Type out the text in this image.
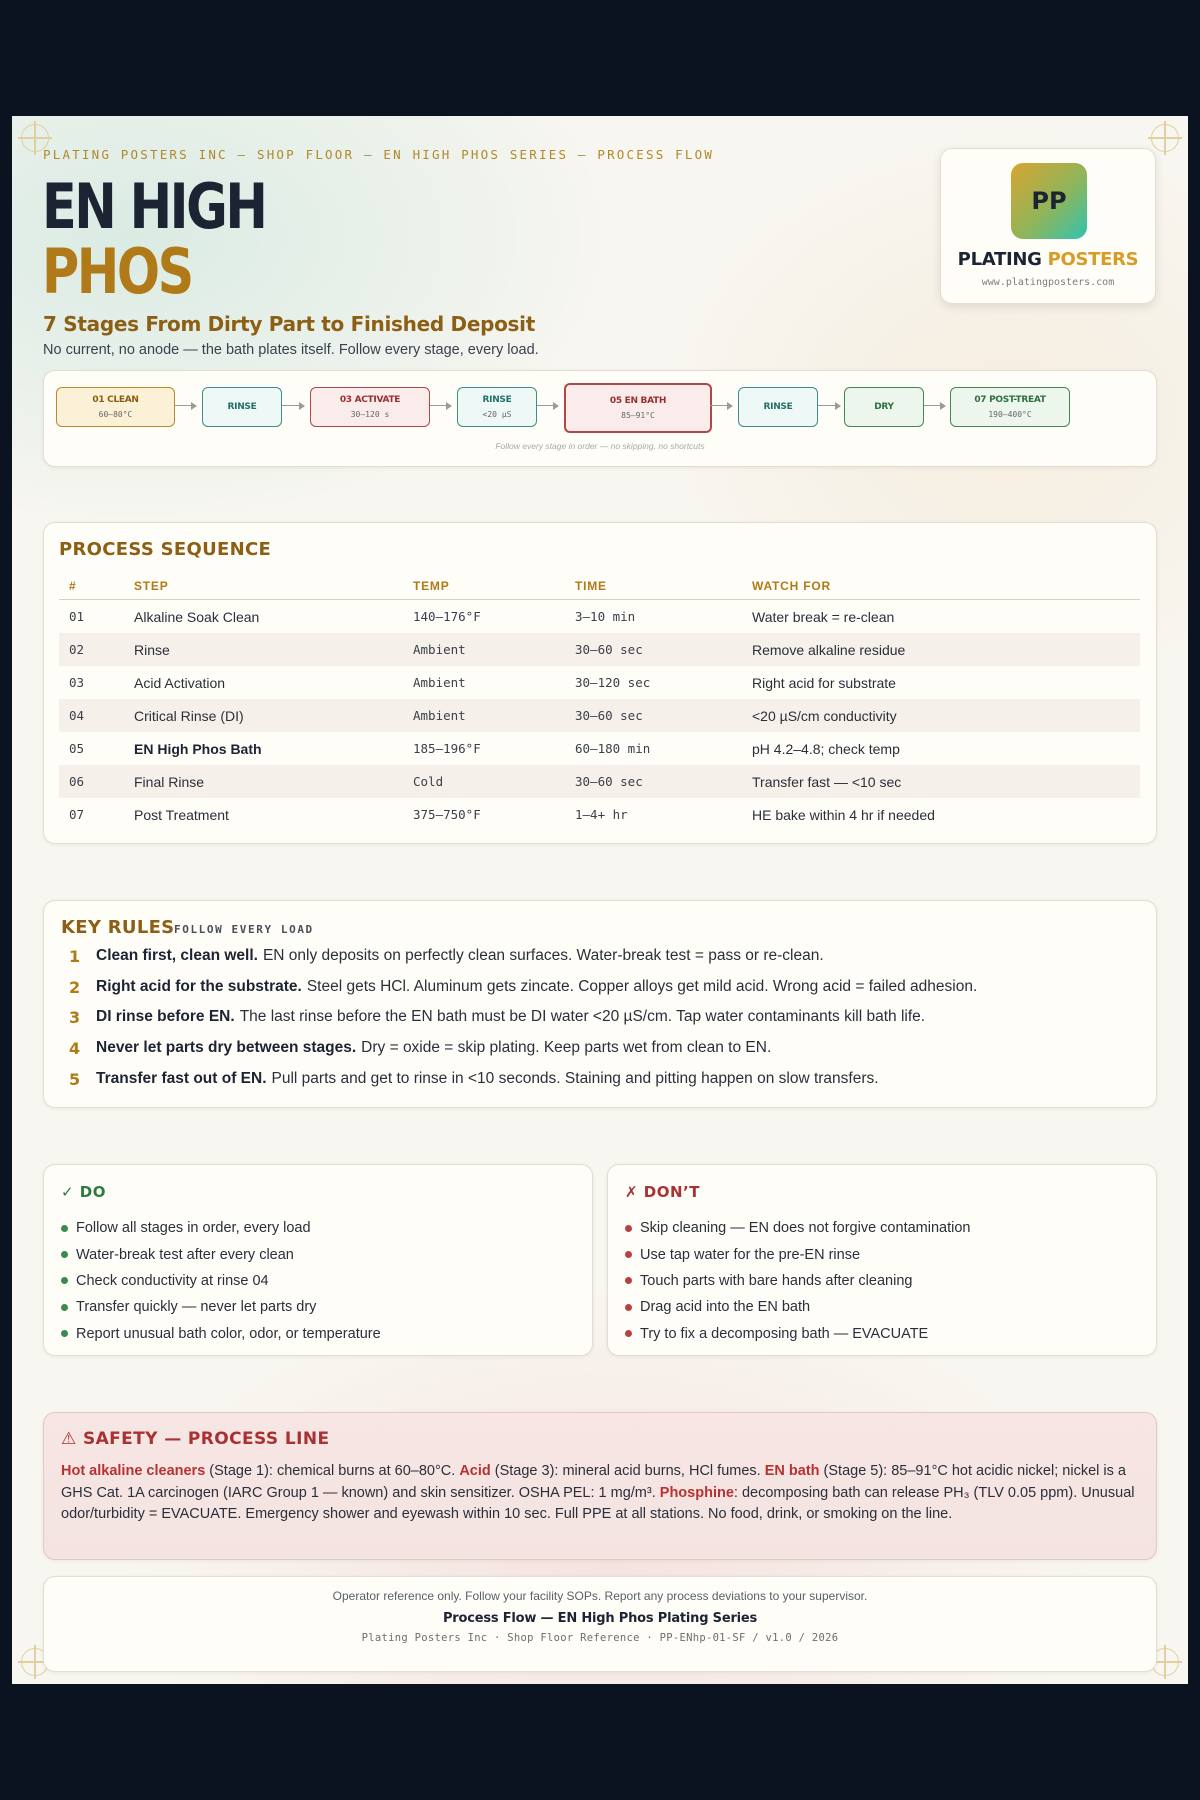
PLATING POSTERS INC — SHOP FLOOR — EN HIGH PHOS SERIES — PROCESS FLOW
EN HIGH
PHOS
7 Stages From Dirty Part to Finished Deposit
No current, no anode — the bath plates itself. Follow every stage, every load.
PP
PLATING POSTERS
www.platingposters.com
01 CLEAN
60–80°C
RINSE
03 ACTIVATE
30–120 s
RINSE
<20 µS
05 EN BATH
85–91°C
RINSE	DRY
07 POST-TREAT
190–400°C
Follow every stage in order — no skipping, no shortcuts
PROCESS SEQUENCE
#	STEP	TEMP	TIME	WATCH FOR
01	Alkaline Soak Clean	140–176°F	3–10 min	Water break = re-clean
02	Rinse	Ambient	30–60 sec	Remove alkaline residue
03	Acid Activation	Ambient	30–120 sec	Right acid for substrate
04	Critical Rinse (DI)	Ambient	30–60 sec	<20 µS/cm conductivity
05	EN High Phos Bath	185–196°F	60–180 min	pH 4.2–4.8; check temp
06	Final Rinse	Cold	30–60 sec	Transfer fast — <10 sec
07	Post Treatment	375–750°F	1–4+ hr	HE bake within 4 hr if needed
KEY RULES FOLLOW EVERY LOAD
1	Clean first, clean well. EN only deposits on perfectly clean surfaces. Water-break test = pass or re-clean.
2	Right acid for the substrate. Steel gets HCl. Aluminum gets zincate. Copper alloys get mild acid. Wrong acid = failed adhesion.
3	DI rinse before EN. The last rinse before the EN bath must be DI water <20 µS/cm. Tap water contaminants kill bath life.
4	Never let parts dry between stages. Dry = oxide = skip plating. Keep parts wet from clean to EN.
5	Transfer fast out of EN. Pull parts and get to rinse in <10 seconds. Staining and pitting happen on slow transfers.
✓ DO
Follow all stages in order, every load
Water-break test after every clean
Check conductivity at rinse 04
Transfer quickly — never let parts dry
Report unusual bath color, odor, or temperature
✗ DON’T
Skip cleaning — EN does not forgive contamination
Use tap water for the pre-EN rinse
Touch parts with bare hands after cleaning
Drag acid into the EN bath
Try to fix a decomposing bath — EVACUATE
⚠ SAFETY — PROCESS LINE
Hot alkaline cleaners (Stage 1): chemical burns at 60–80°C. Acid (Stage 3): mineral acid burns, HCl fumes. EN bath (Stage 5): 85–91°C hot acidic nickel; nickel is a GHS Cat. 1A carcinogen (IARC Group 1 — known) and skin sensitizer. OSHA PEL: 1 mg/m³. Phosphine: decomposing bath can release PH₃ (TLV 0.05 ppm). Unusual odor/turbidity = EVACUATE. Emergency shower and eyewash within 10 sec. Full PPE at all stations. No food, drink, or smoking on the line.
Operator reference only. Follow your facility SOPs. Report any process deviations to your supervisor.
Process Flow — EN High Phos Plating Series
Plating Posters Inc · Shop Floor Reference · PP-ENhp-01-SF / v1.0 / 2026
